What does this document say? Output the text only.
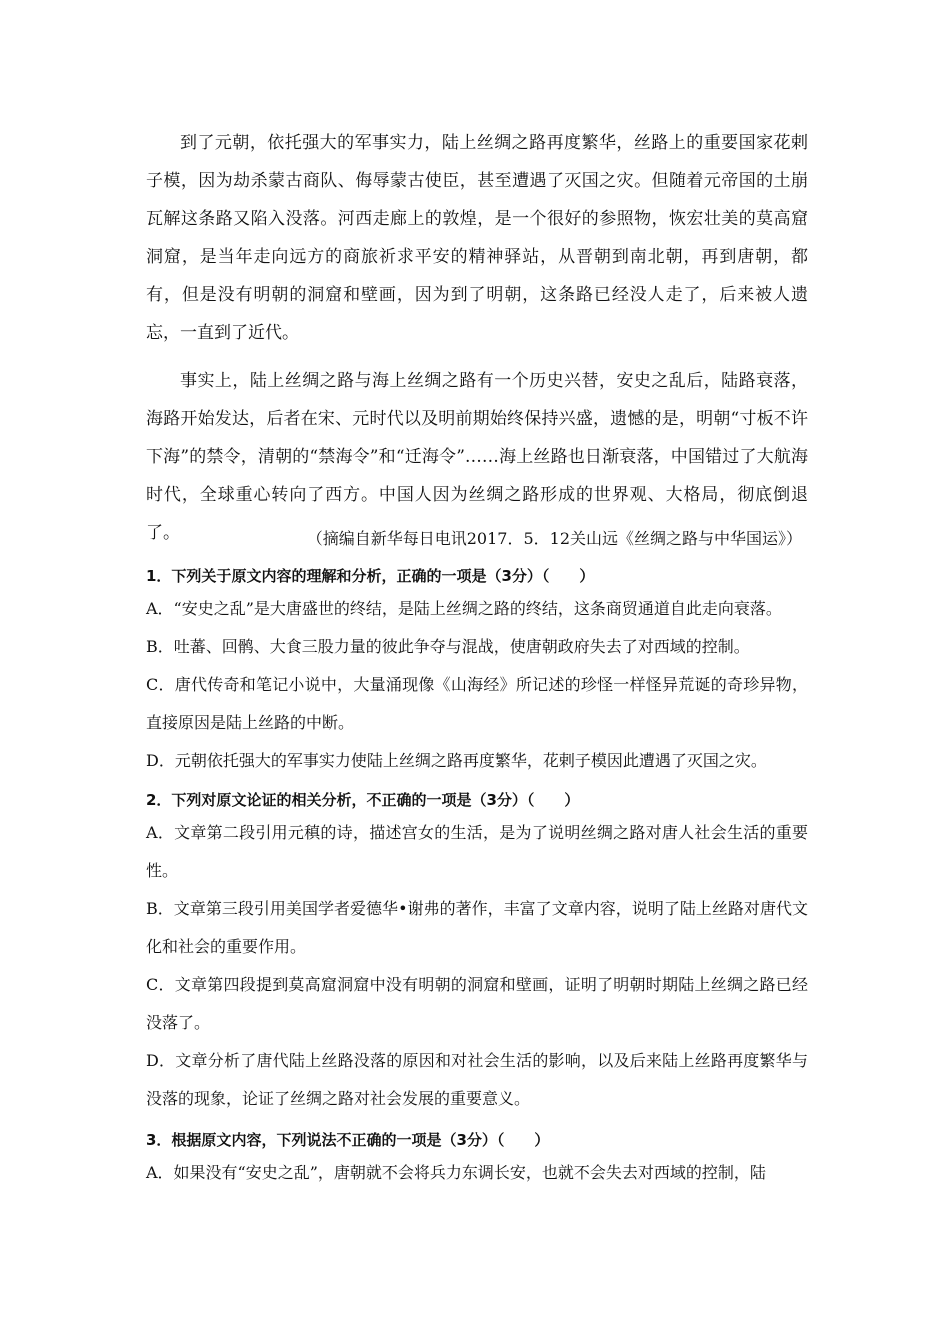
到了元朝，依托强大的军事实力，陆上丝绸之路再度繁华，丝路上的重要国家花剌子模，因为劫杀蒙古商队、侮辱蒙古使臣，甚至遭遇了灭国之灾。但随着元帝国的土崩瓦解这条路又陷入没落。河西走廊上的敦煌，是一个很好的参照物，恢宏壮美的莫高窟洞窟，是当年走向远方的商旅祈求平安的精神驿站，从晋朝到南北朝，再到唐朝，都有，但是没有明朝的洞窟和壁画，因为到了明朝，这条路已经没人走了，后来被人遗忘，一直到了近代。

事实上，陆上丝绸之路与海上丝绸之路有一个历史兴替，安史之乱后，陆路衰落，海路开始发达，后者在宋、元时代以及明前期始终保持兴盛，遗憾的是，明朝“寸板不许下海”的禁令，清朝的“禁海令”和“迁海令”……海上丝路也日渐衰落，中国错过了大航海时代，全球重心转向了西方。中国人因为丝绸之路形成的世界观、大格局，彻底倒退了。	（摘编自新华每日电讯2017．5．12关山远《丝绸之路与中华国运》）

1．下列关于原文内容的理解和分析，正确的一项是（3分）（　　）

A．“安史之乱”是大唐盛世的终结，是陆上丝绸之路的终结，这条商贸通道自此走向衰落。

B．吐蕃、回鹘、大食三股力量的彼此争夺与混战，使唐朝政府失去了对西域的控制。

C．唐代传奇和笔记小说中，大量涌现像《山海经》所记述的珍怪一样怪异荒诞的奇珍异物，直接原因是陆上丝路的中断。

D．元朝依托强大的军事实力使陆上丝绸之路再度繁华，花剌子模因此遭遇了灭国之灾。

2．下列对原文论证的相关分析，不正确的一项是（3分）（　　）

A．文章第二段引用元稹的诗，描述宫女的生活，是为了说明丝绸之路对唐人社会生活的重要性。

B．文章第三段引用美国学者爱德华•谢弗的著作，丰富了文章内容，说明了陆上丝路对唐代文化和社会的重要作用。

C．文章第四段提到莫高窟洞窟中没有明朝的洞窟和壁画，证明了明朝时期陆上丝绸之路已经没落了。

D．文章分析了唐代陆上丝路没落的原因和对社会生活的影响，以及后来陆上丝路再度繁华与没落的现象，论证了丝绸之路对社会发展的重要意义。

3．根据原文内容，下列说法不正确的一项是（3分）（　　）

A．如果没有“安史之乱”，唐朝就不会将兵力东调长安，也就不会失去对西域的控制，陆
